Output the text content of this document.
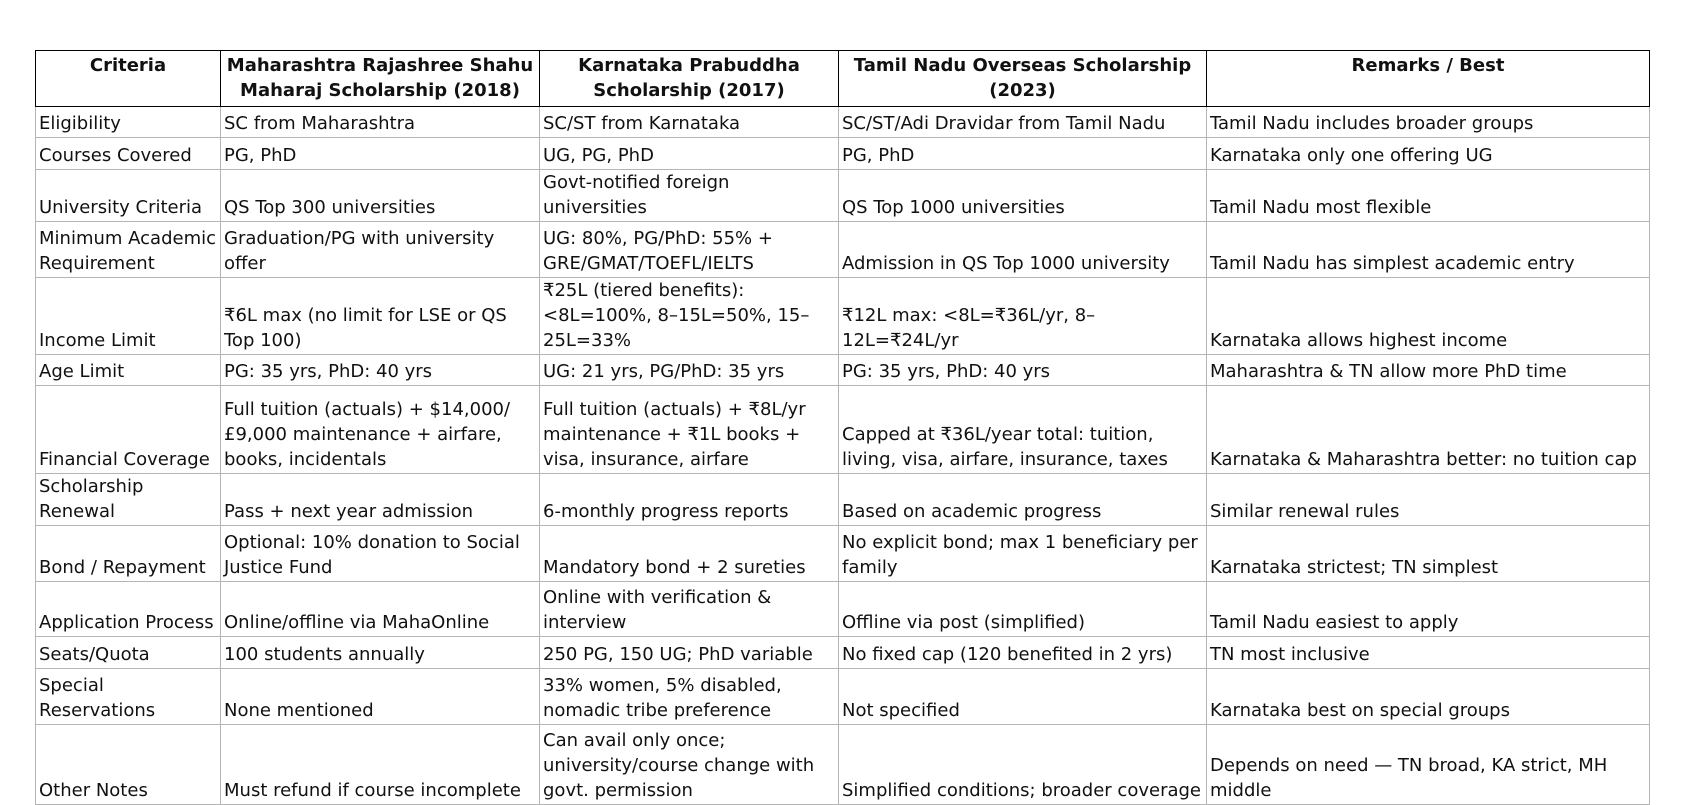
Criteria	Maharashtra Rajashree Shahu Maharaj Scholarship (2018)	Karnataka Prabuddha Scholarship (2017)	Tamil Nadu Overseas Scholarship (2023)	Remarks / Best
Eligibility	SC from Maharashtra	SC/ST from Karnataka	SC/ST/Adi Dravidar from Tamil Nadu	Tamil Nadu includes broader groups
Courses Covered	PG, PhD	UG, PG, PhD	PG, PhD	Karnataka only one offering UG
University Criteria	QS Top 300 universities	Govt-notified foreign universities	QS Top 1000 universities	Tamil Nadu most flexible
Minimum Academic Requirement	Graduation/PG with university offer	UG: 80%, PG/PhD: 55% + GRE/GMAT/TOEFL/IELTS	Admission in QS Top 1000 university	Tamil Nadu has simplest academic entry
Income Limit	₹6L max (no limit for LSE or QS Top 100)	₹25L (tiered benefits): <8L=100%, 8–15L=50%, 15–25L=33%	₹12L max: <8L=₹36L/yr, 8–12L=₹24L/yr	Karnataka allows highest income
Age Limit	PG: 35 yrs, PhD: 40 yrs	UG: 21 yrs, PG/PhD: 35 yrs	PG: 35 yrs, PhD: 40 yrs	Maharashtra & TN allow more PhD time
Financial Coverage	Full tuition (actuals) + $14,000/ £9,000 maintenance + airfare, books, incidentals	Full tuition (actuals) + ₹8L/yr maintenance + ₹1L books + visa, insurance, airfare	Capped at ₹36L/year total: tuition, living, visa, airfare, insurance, taxes	Karnataka & Maharashtra better: no tuition cap
Scholarship Renewal	Pass + next year admission	6-monthly progress reports	Based on academic progress	Similar renewal rules
Bond / Repayment	Optional: 10% donation to Social Justice Fund	Mandatory bond + 2 sureties	No explicit bond; max 1 beneficiary per family	Karnataka strictest; TN simplest
Application Process	Online/offline via MahaOnline	Online with verification & interview	Offline via post (simplified)	Tamil Nadu easiest to apply
Seats/Quota	100 students annually	250 PG, 150 UG; PhD variable	No fixed cap (120 benefited in 2 yrs)	TN most inclusive
Special Reservations	None mentioned	33% women, 5% disabled, nomadic tribe preference	Not specified	Karnataka best on special groups
Other Notes	Must refund if course incomplete	Can avail only once; university/course change with govt. permission	Simplified conditions; broader coverage	Depends on need — TN broad, KA strict, MH middle
